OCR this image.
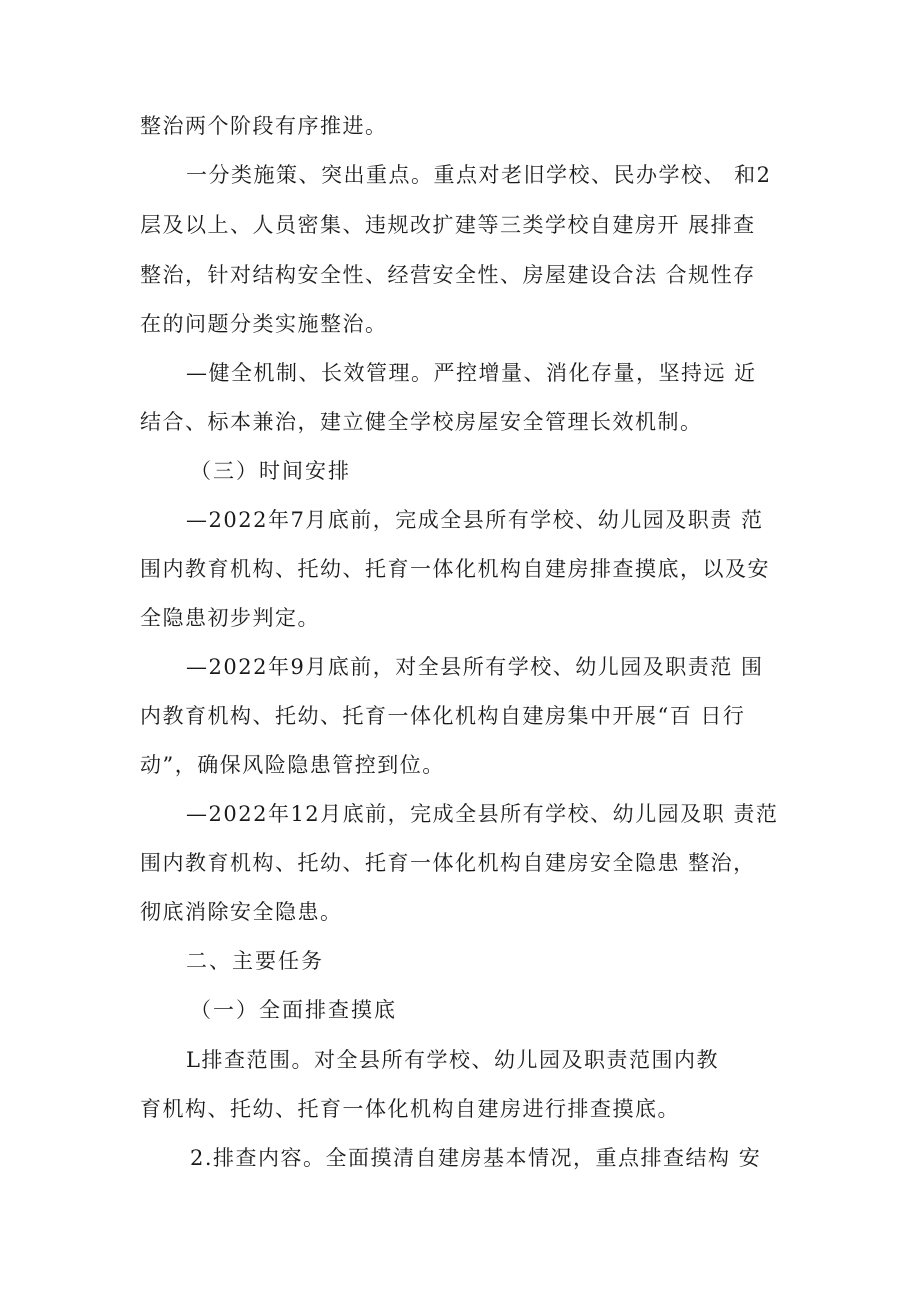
整治两个阶段有序推进。
一分类施策、突出重点。重点对老旧学校、民办学校、 和2
层及以上、人员密集、违规改扩建等三类学校自建房开 展排查
整治，针对结构安全性、经营安全性、房屋建设合法 合规性存
在的问题分类实施整治。
—健全机制、长效管理。严控增量、消化存量，坚持远 近
结合、标本兼治，建立健全学校房屋安全管理长效机制。
（三）时间安排
—2022年7月底前，完成全县所有学校、幼儿园及职责 范
围内教育机构、托幼、托育一体化机构自建房排查摸底，以及安
全隐患初步判定。
—2022年9月底前，对全县所有学校、幼儿园及职责范 围
内教育机构、托幼、托育一体化机构自建房集中开展“百 日行
动”，确保风险隐患管控到位。
—2022年12月底前，完成全县所有学校、幼儿园及职 责范
围内教育机构、托幼、托育一体化机构自建房安全隐患 整治，
彻底消除安全隐患。
二、主要任务
（一）全面排查摸底
L排查范围。对全县所有学校、幼儿园及职责范围内教
育机构、托幼、托育一体化机构自建房进行排查摸底。
2.排查内容。全面摸清自建房基本情况，重点排查结构 安
